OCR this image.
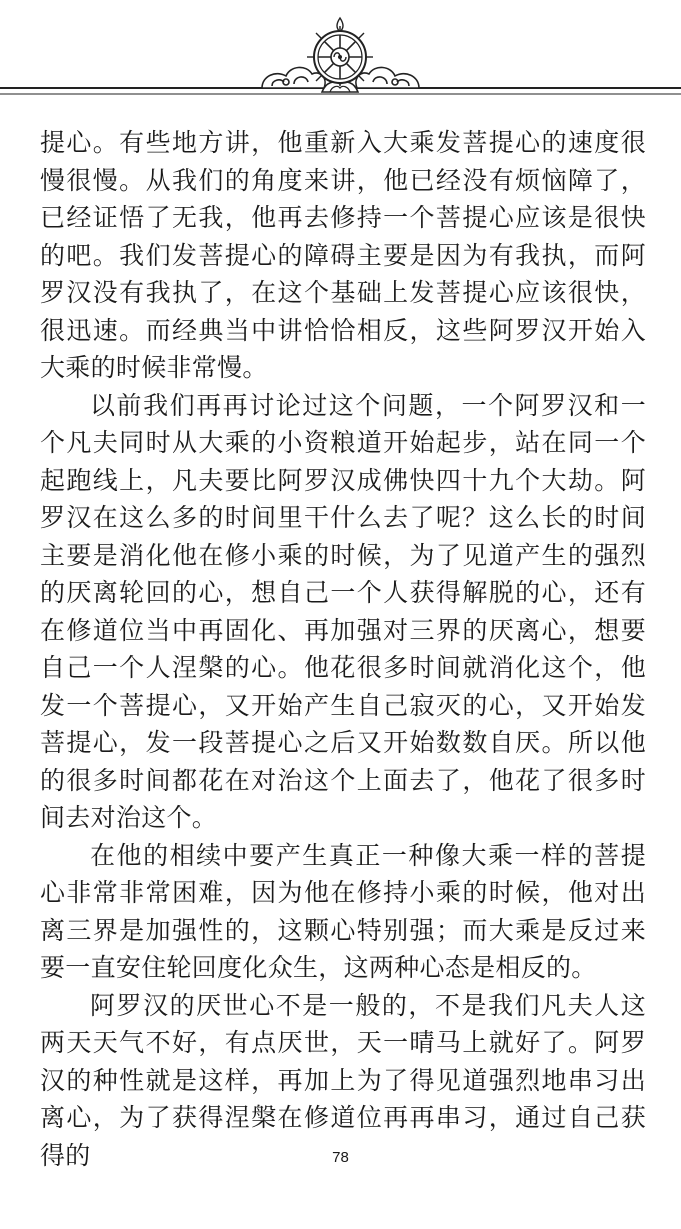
提心。有些地方讲，他重新入大乘发菩提心的速度很慢很慢。从我们的角度来讲，他已经没有烦恼障了，已经证悟了无我，他再去修持一个菩提心应该是很快的吧。我们发菩提心的障碍主要是因为有我执，而阿罗汉没有我执了，在这个基础上发菩提心应该很快，很迅速。而经典当中讲恰恰相反，这些阿罗汉开始入大乘的时候非常慢。

以前我们再再讨论过这个问题，一个阿罗汉和一个凡夫同时从大乘的小资粮道开始起步，站在同一个起跑线上，凡夫要比阿罗汉成佛快四十九个大劫。阿罗汉在这么多的时间里干什么去了呢？这么长的时间主要是消化他在修小乘的时候，为了见道产生的强烈的厌离轮回的心，想自己一个人获得解脱的心，还有在修道位当中再固化、再加强对三界的厌离心，想要自己一个人涅槃的心。他花很多时间就消化这个，他发一个菩提心，又开始产生自己寂灭的心，又开始发菩提心，发一段菩提心之后又开始数数自厌。所以他的很多时间都花在对治这个上面去了，他花了很多时间去对治这个。

在他的相续中要产生真正一种像大乘一样的菩提心非常非常困难，因为他在修持小乘的时候，他对出离三界是加强性的，这颗心特别强；而大乘是反过来要一直安住轮回度化众生，这两种心态是相反的。

阿罗汉的厌世心不是一般的，不是我们凡夫人这两天天气不好，有点厌世，天一晴马上就好了。阿罗汉的种性就是这样，再加上为了得见道强烈地串习出离心，为了获得涅槃在修道位再再串习，通过自己获得的	78
